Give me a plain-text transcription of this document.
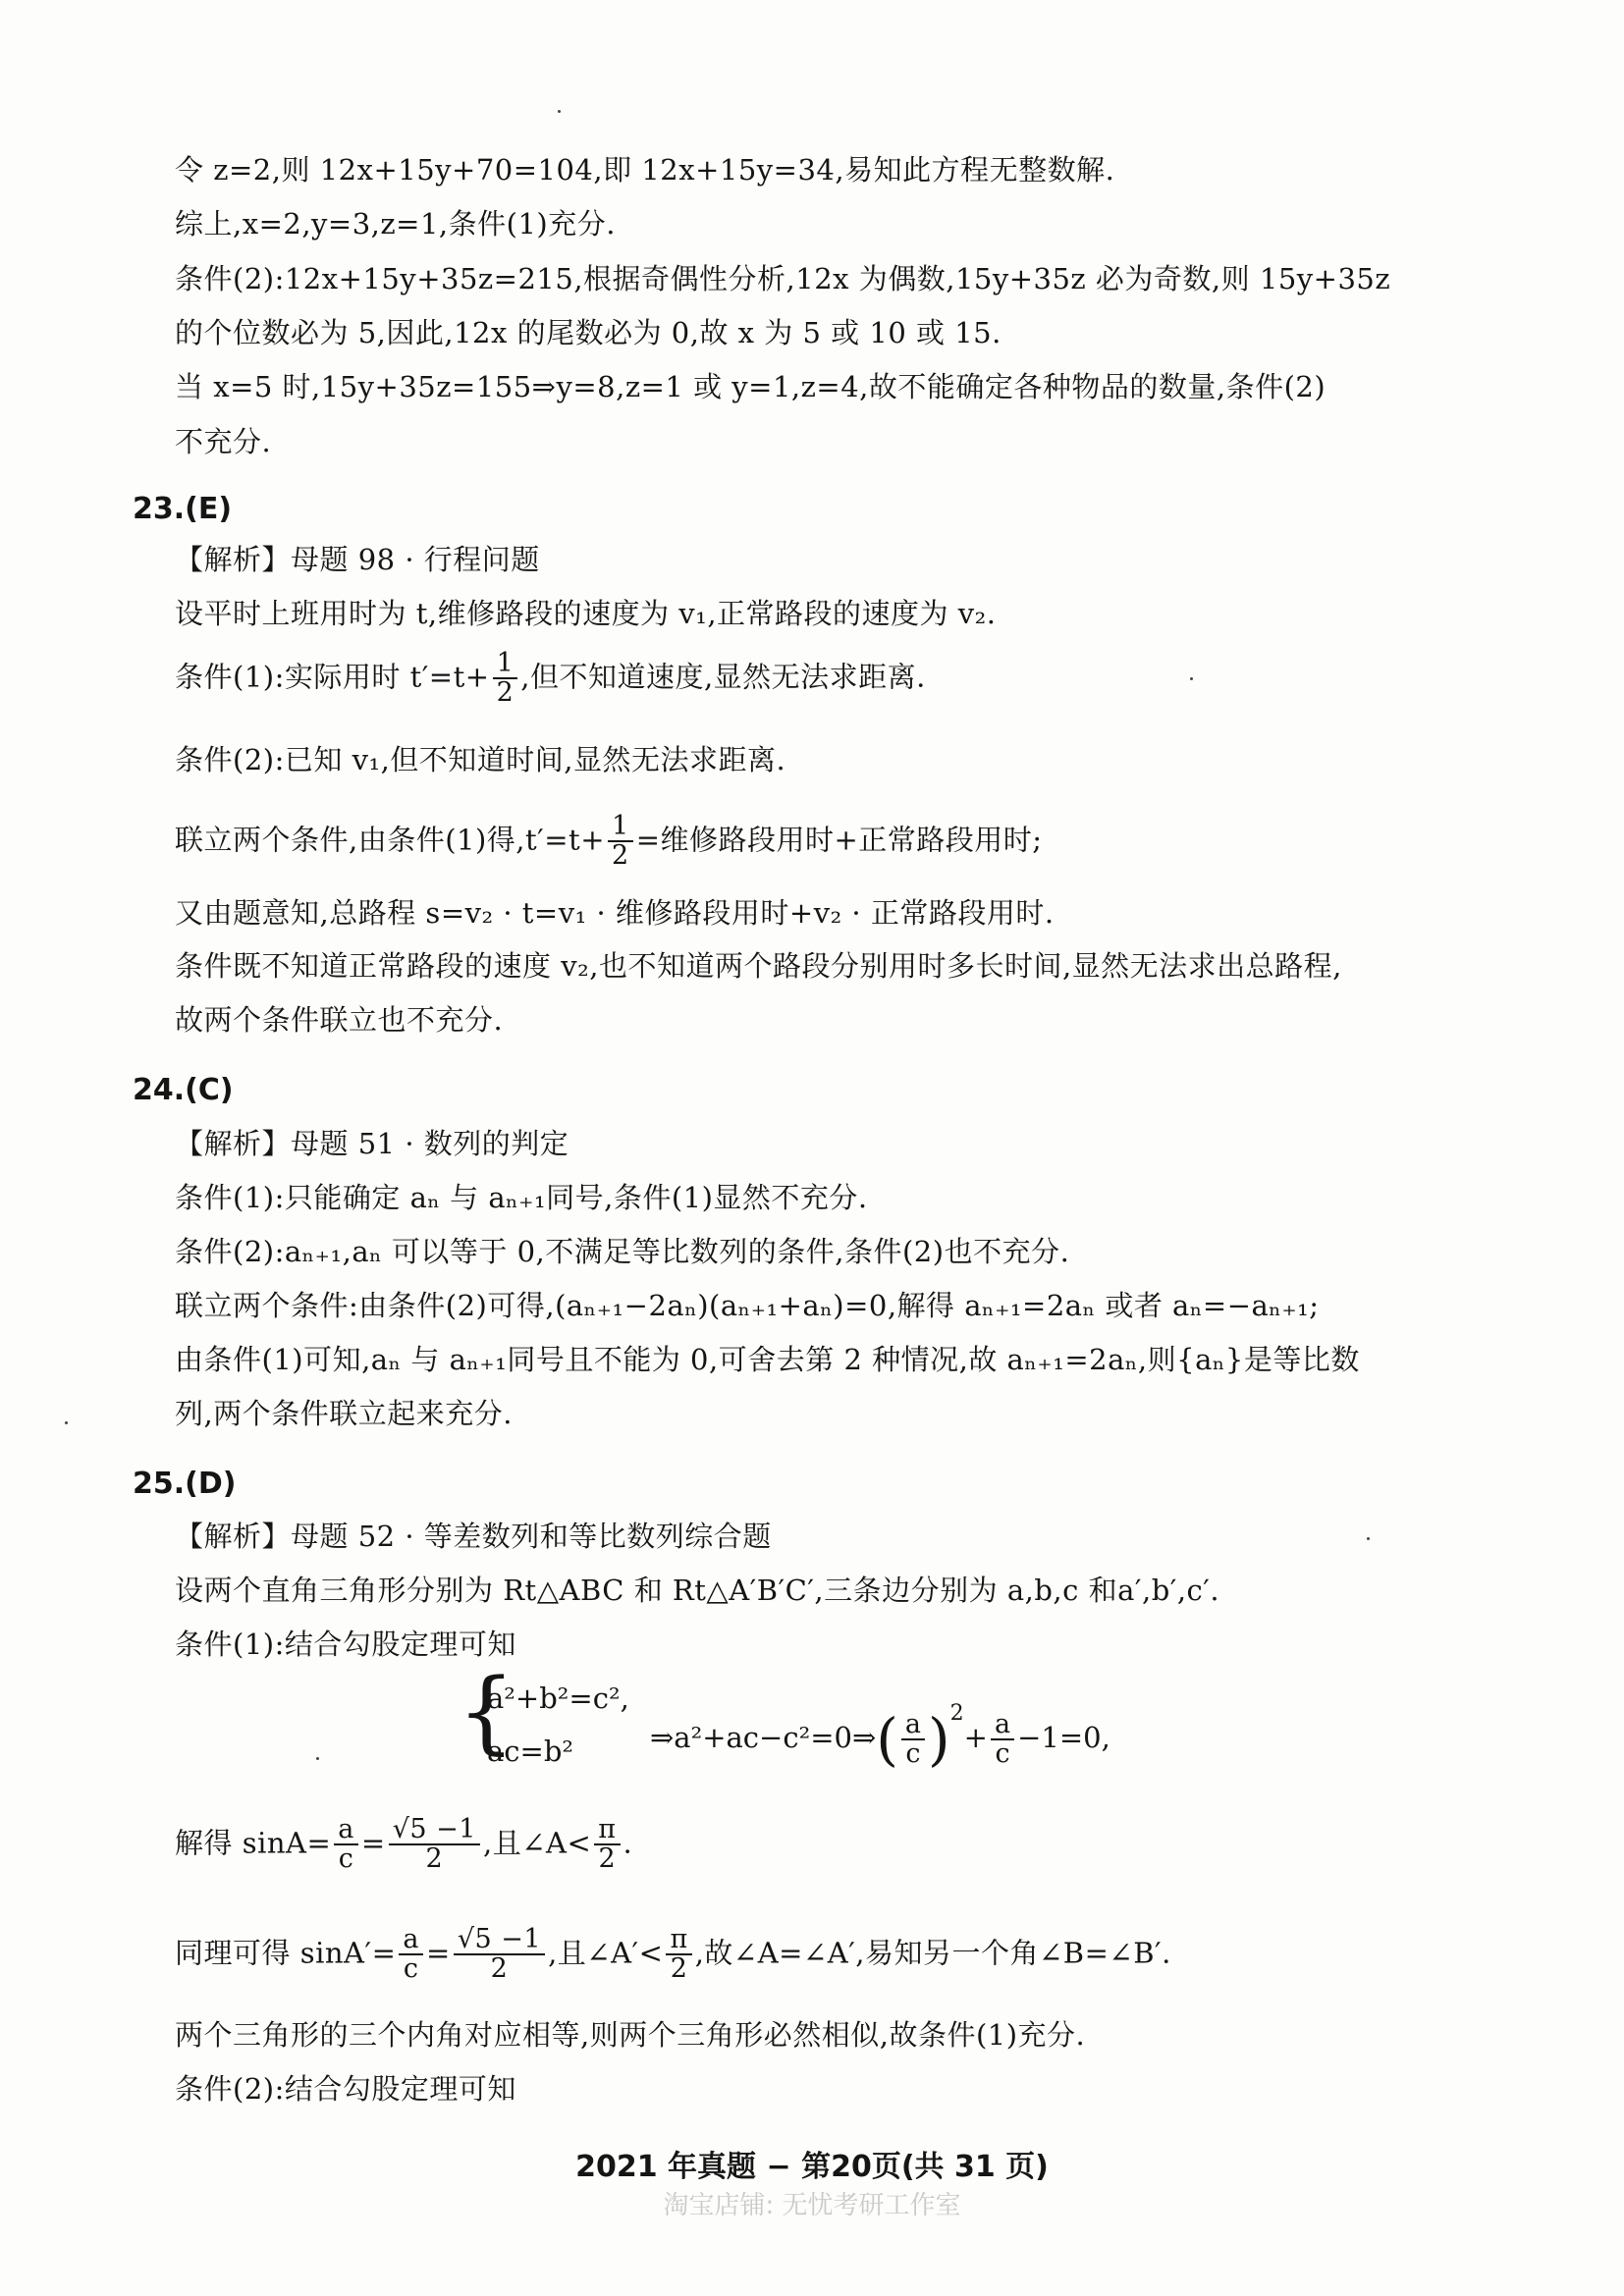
令 z=2,则 12x+15y+70=104,即 12x+15y=34,易知此方程无整数解.
综上,x=2,y=3,z=1,条件(1)充分.
条件(2):12x+15y+35z=215,根据奇偶性分析,12x 为偶数,15y+35z 必为奇数,则 15y+35z
的个位数必为 5,因此,12x 的尾数必为 0,故 x 为 5 或 10 或 15.
当 x=5 时,15y+35z=155⇒y=8,z=1 或 y=1,z=4,故不能确定各种物品的数量,条件(2)
不充分.
23.(E)
【解析】母题 98 · 行程问题
设平时上班用时为 t,维修路段的速度为 v₁,正常路段的速度为 v₂.
条件(1):实际用时 $t'=t+ \frac{1}{2}$ ,但不知道速度,显然无法求距离.
条件(2):已知 v₁,但不知道时间,显然无法求距离.
联立两个条件,由条件(1)得$,t'=t+ \frac{1}{2}$ =维修路段用时+正常路段用时;
又由题意知,总路程 s=v₂ · t=v₁ · 维修路段用时+v₂ · 正常路段用时.
条件既不知道正常路段的速度 v₂,也不知道两个路段分别用时多长时间,显然无法求出总路程,
故两个条件联立也不充分.
24.(C)
【解析】母题 51 · 数列的判定
条件(1):只能确定 aₙ 与 aₙ₊₁同号,条件(1)显然不充分.
条件(2):aₙ₊₁,aₙ 可以等于 0,不满足等比数列的条件,条件(2)也不充分.
联立两个条件:由条件(2)可得,(aₙ₊₁−2aₙ)(aₙ₊₁+aₙ)=0,解得 aₙ₊₁=2aₙ 或者 aₙ=−aₙ₊₁;
由条件(1)可知,aₙ 与 aₙ₊₁同号且不能为 0,可舍去第 2 种情况,故 aₙ₊₁=2aₙ,则{aₙ}是等比数
列,两个条件联立起来充分.
25.(D)
【解析】母题 52 · 等差数列和等比数列综合题
设两个直角三角形分别为 Rt△ABC 和 Rt△A′B′C′,三条边分别为 a,b,c 和a′,b′,c′.
条件(1):结合勾股定理可知
{
a²+b²=c²,
ac=b²	⇒a²+ac−c²=0⇒( $\frac{a}{c} )^2+ \frac{a}{c} -1=0$,
解得 $\sin A= \frac{a}{c} = \frac{√5 -1}{2}$ ,且∠A< $\frac{\pi}{2}$ .
同理可得 $\sin A'= \frac{a}{c} = \frac{√5 -1}{2}$ ,且∠A′< $\frac{\pi}{2}$ ,故∠A=∠A′,易知另一个角∠B=∠B′.
两个三角形的三个内角对应相等,则两个三角形必然相似,故条件(1)充分.
条件(2):结合勾股定理可知
2021 年真题 − 第20页(共 31 页)
淘宝店铺: 无忧考研工作室
